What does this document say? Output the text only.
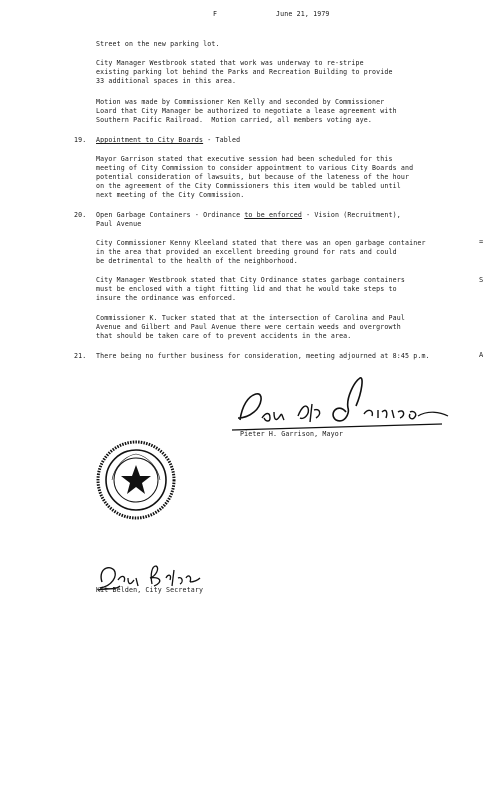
F	June 21, 1979
Street on the new parking lot.
City Manager Westbrook stated that work was underway to re-stripe
existing parking lot behind the Parks and Recreation Building to provide
33 additional spaces in this area.
Motion was made by Commissioner Ken Kelly and seconded by Commissioner
Loard that City Manager be authorized to negotiate a lease agreement with
Southern Pacific Railroad.  Motion carried, all members voting aye.
19. Appointment to City Boards - Tabled
Mayor Garrison stated that executive session had been scheduled for this
meeting of City Commission to consider appointment to various City Boards and
potential consideration of lawsuits, but because of the lateness of the hour
on the agreement of the City Commissioners this item would be tabled until
next meeting of the City Commission.
20. Open Garbage Containers - Ordinance to be enforced - Vision (Recruitment),
Paul Avenue
City Commissioner Kenny Kleeland stated that there was an open garbage container
in the area that provided an excellent breeding ground for rats and could
be detrimental to the health of the neighborhood.
City Manager Westbrook stated that City Ordinance states garbage containers
must be enclosed with a tight fitting lid and that he would take steps to
insure the ordinance was enforced.
Commissioner K. Tucker stated that at the intersection of Carolina and Paul
Avenue and Gilbert and Paul Avenue there were certain weeds and overgrowth
that should be taken care of to prevent accidents in the area.
21. There being no further business for consideration, meeting adjourned at 8:45 p.m.
=
S
A
Pieter H. Garrison, Mayor
Kit Belden, City Secretary
